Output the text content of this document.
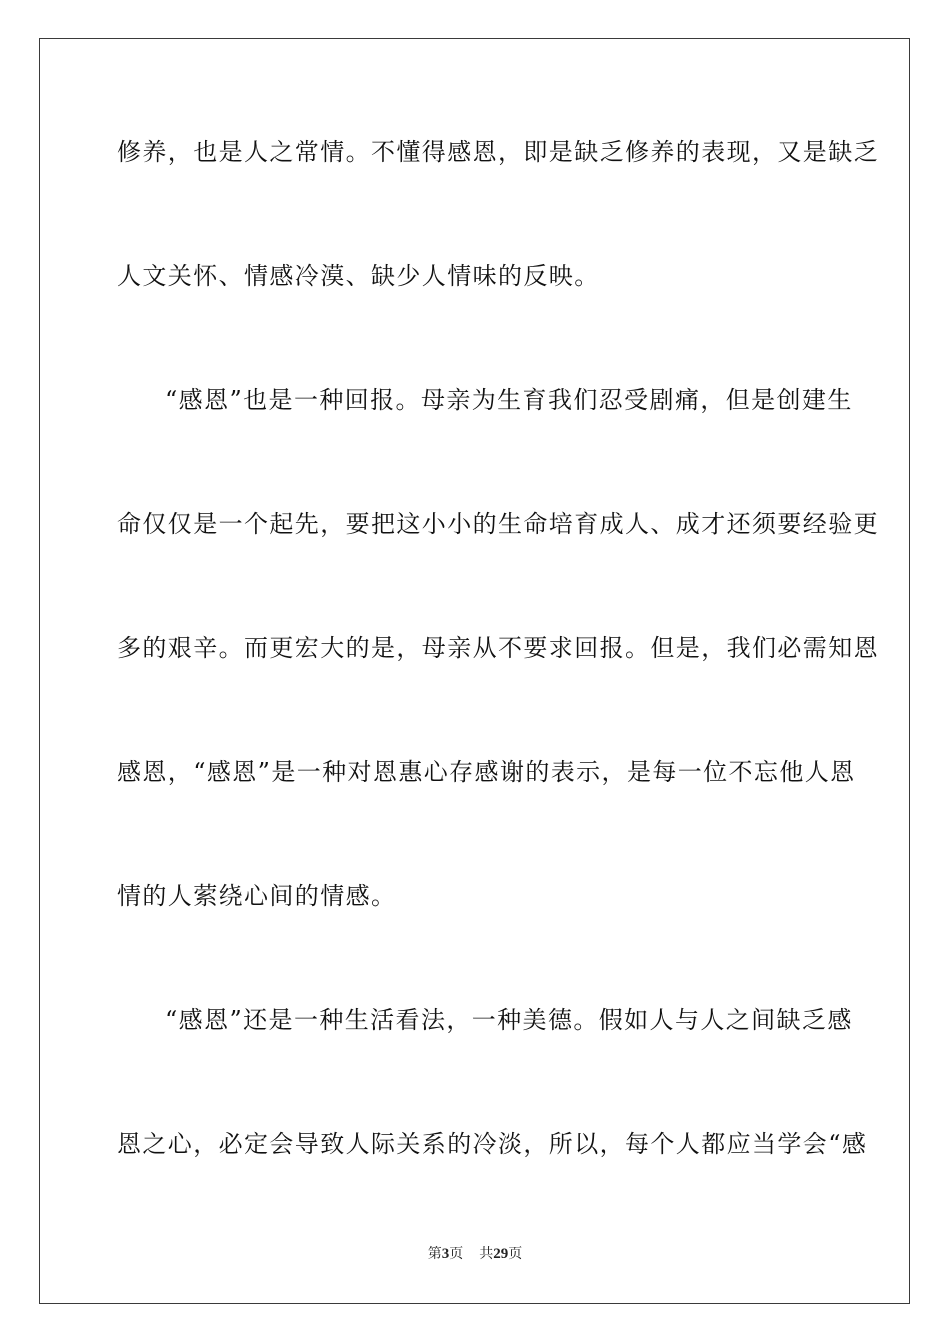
修养，也是人之常情。不懂得感恩，即是缺乏修养的表现，又是缺乏
人文关怀、情感冷漠、缺少人情味的反映。
“感恩”也是一种回报。母亲为生育我们忍受剧痛，但是创建生
命仅仅是一个起先，要把这小小的生命培育成人、成才还须要经验更
多的艰辛。而更宏大的是，母亲从不要求回报。但是，我们必需知恩
感恩，“感恩”是一种对恩惠心存感谢的表示，是每一位不忘他人恩
情的人萦绕心间的情感。
“感恩”还是一种生活看法，一种美德。假如人与人之间缺乏感
恩之心，必定会导致人际关系的冷淡，所以，每个人都应当学会“感
第3页 共29页
